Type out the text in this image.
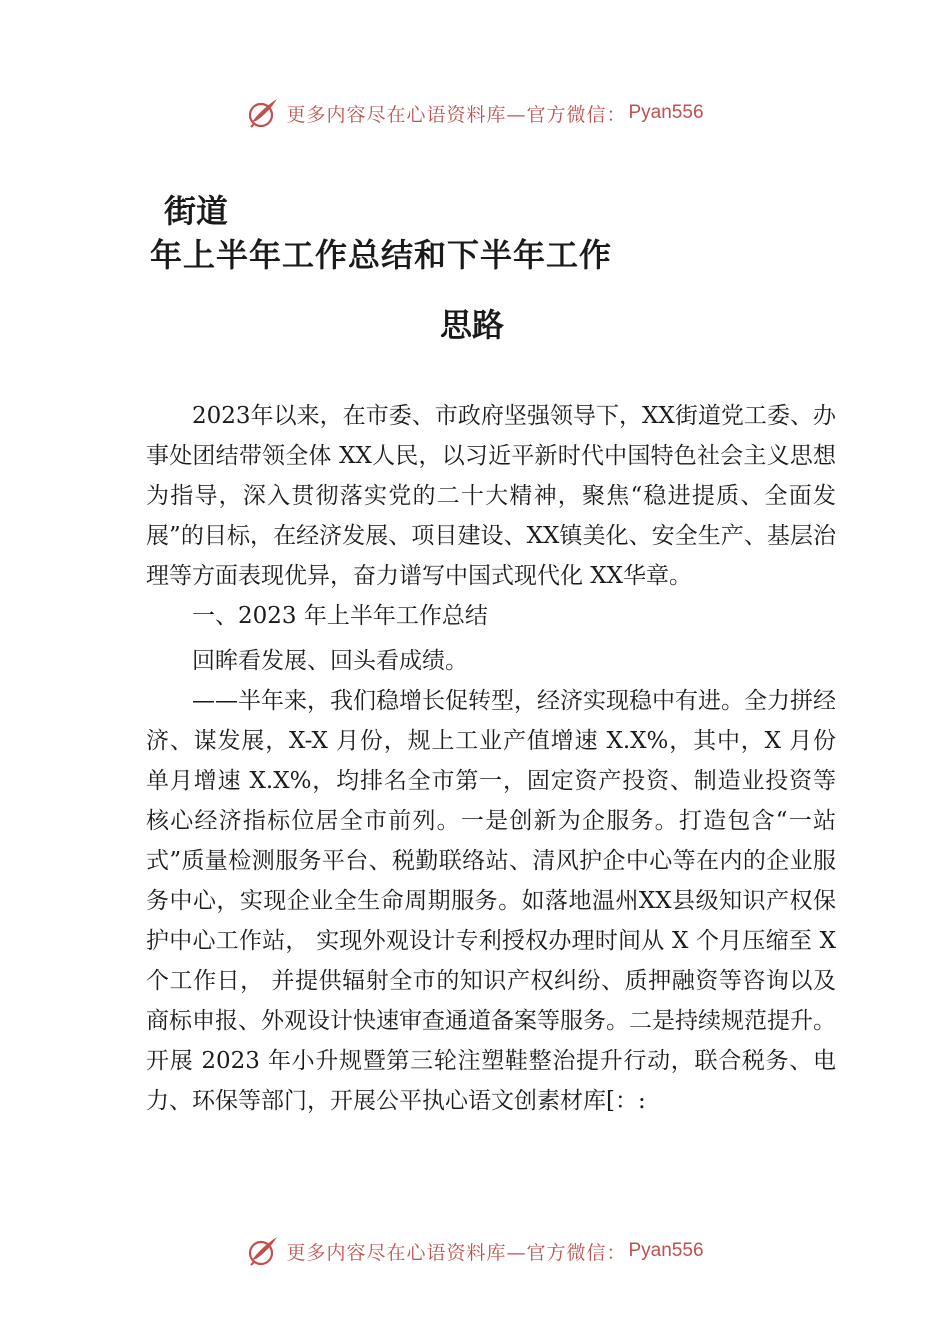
更多内容尽在心语资料库—官方微信： Pyan556
街道
年上半年工作总结和下半年工作
思路

2023年以来，在市委、市政府坚强领导下，XX街道党工委、办事处团结带领全体 XX人民，以习近平新时代中国特色社会主义思想为指导，深入贯彻落实党的二十大精神，聚焦“稳进提质、全面发展”的目标，在经济发展、项目建设、XX镇美化、安全生产、基层治理等方面表现优异，奋力谱写中国式现代化 XX华章。

一、2023 年上半年工作总结

回眸看发展、回头看成绩。

——半年来，我们稳增长促转型，经济实现稳中有进。全力拼经济、谋发展，X-X 月份，规上工业产值增速 X.X%，其中，X 月份单月增速 X.X%，均排名全市第一，固定资产投资、制造业投资等核心经济指标位居全市前列。一是创新为企服务。打造包含“一站式”质量检测服务平台、税勤联络站、清风护企中心等在内的企业服务中心，实现企业全生命周期服务。如落地温州XX县级知识产权保护中心工作站， 实现外观设计专利授权办理时间从 X 个月压缩至 X 个工作日， 并提供辐射全市的知识产权纠纷、质押融资等咨询以及商标申报、外观设计快速审查通道备案等服务。二是持续规范提升。开展 2023 年小升规暨第三轮注塑鞋整治提升行动，联合税务、电力、环保等部门，开展公平执心语文创素材库[：:

更多内容尽在心语资料库—官方微信： Pyan556
